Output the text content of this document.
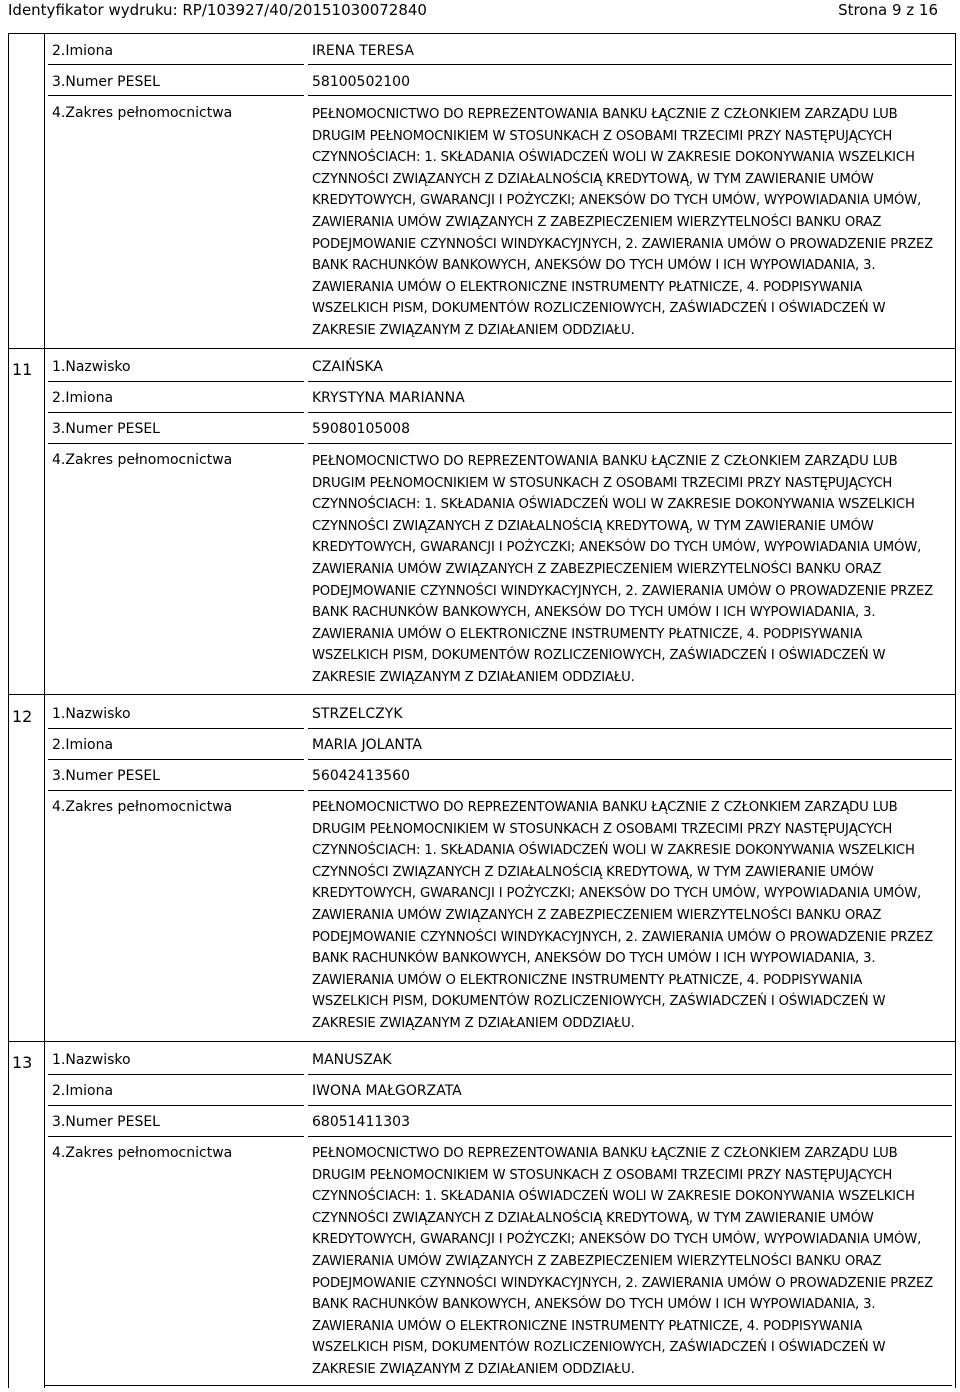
Identyfikator wydruku: RP/103927/40/20151030072840	Strona 9 z 16
2.Imiona	IRENA TERESA
3.Numer PESEL	58100502100
4.Zakres pełnomocnictwa	PEŁNOMOCNICTWO DO REPREZENTOWANIA BANKU ŁĄCZNIE Z CZŁONKIEM ZARZĄDU LUB
DRUGIM PEŁNOMOCNIKIEM W STOSUNKACH Z OSOBAMI TRZECIMI PRZY NASTĘPUJĄCYCH
CZYNNOŚCIACH: 1. SKŁADANIA OŚWIADCZEŃ WOLI W ZAKRESIE DOKONYWANIA WSZELKICH
CZYNNOŚCI ZWIĄZANYCH Z DZIAŁALNOŚCIĄ KREDYTOWĄ, W TYM ZAWIERANIE UMÓW
KREDYTOWYCH, GWARANCJI I POŻYCZKI; ANEKSÓW DO TYCH UMÓW, WYPOWIADANIA UMÓW,
ZAWIERANIA UMÓW ZWIĄZANYCH Z ZABEZPIECZENIEM WIERZYTELNOŚCI BANKU ORAZ
PODEJMOWANIE CZYNNOŚCI WINDYKACYJNYCH, 2. ZAWIERANIA UMÓW O PROWADZENIE PRZEZ
BANK RACHUNKÓW BANKOWYCH, ANEKSÓW DO TYCH UMÓW I ICH WYPOWIADANIA, 3.
ZAWIERANIA UMÓW O ELEKTRONICZNE INSTRUMENTY PŁATNICZE, 4. PODPISYWANIA
WSZELKICH PISM, DOKUMENTÓW ROZLICZENIOWYCH, ZAŚWIADCZEŃ I OŚWIADCZEŃ W
ZAKRESIE ZWIĄZANYM Z DZIAŁANIEM ODDZIAŁU.
11 1.Nazwisko	CZAIŃSKA
2.Imiona	KRYSTYNA MARIANNA
3.Numer PESEL	59080105008
4.Zakres pełnomocnictwa	PEŁNOMOCNICTWO DO REPREZENTOWANIA BANKU ŁĄCZNIE Z CZŁONKIEM ZARZĄDU LUB
DRUGIM PEŁNOMOCNIKIEM W STOSUNKACH Z OSOBAMI TRZECIMI PRZY NASTĘPUJĄCYCH
CZYNNOŚCIACH: 1. SKŁADANIA OŚWIADCZEŃ WOLI W ZAKRESIE DOKONYWANIA WSZELKICH
CZYNNOŚCI ZWIĄZANYCH Z DZIAŁALNOŚCIĄ KREDYTOWĄ, W TYM ZAWIERANIE UMÓW
KREDYTOWYCH, GWARANCJI I POŻYCZKI; ANEKSÓW DO TYCH UMÓW, WYPOWIADANIA UMÓW,
ZAWIERANIA UMÓW ZWIĄZANYCH Z ZABEZPIECZENIEM WIERZYTELNOŚCI BANKU ORAZ
PODEJMOWANIE CZYNNOŚCI WINDYKACYJNYCH, 2. ZAWIERANIA UMÓW O PROWADZENIE PRZEZ
BANK RACHUNKÓW BANKOWYCH, ANEKSÓW DO TYCH UMÓW I ICH WYPOWIADANIA, 3.
ZAWIERANIA UMÓW O ELEKTRONICZNE INSTRUMENTY PŁATNICZE, 4. PODPISYWANIA
WSZELKICH PISM, DOKUMENTÓW ROZLICZENIOWYCH, ZAŚWIADCZEŃ I OŚWIADCZEŃ W
ZAKRESIE ZWIĄZANYM Z DZIAŁANIEM ODDZIAŁU.
12 1.Nazwisko	STRZELCZYK
2.Imiona	MARIA JOLANTA
3.Numer PESEL	56042413560
4.Zakres pełnomocnictwa	PEŁNOMOCNICTWO DO REPREZENTOWANIA BANKU ŁĄCZNIE Z CZŁONKIEM ZARZĄDU LUB
DRUGIM PEŁNOMOCNIKIEM W STOSUNKACH Z OSOBAMI TRZECIMI PRZY NASTĘPUJĄCYCH
CZYNNOŚCIACH: 1. SKŁADANIA OŚWIADCZEŃ WOLI W ZAKRESIE DOKONYWANIA WSZELKICH
CZYNNOŚCI ZWIĄZANYCH Z DZIAŁALNOŚCIĄ KREDYTOWĄ, W TYM ZAWIERANIE UMÓW
KREDYTOWYCH, GWARANCJI I POŻYCZKI; ANEKSÓW DO TYCH UMÓW, WYPOWIADANIA UMÓW,
ZAWIERANIA UMÓW ZWIĄZANYCH Z ZABEZPIECZENIEM WIERZYTELNOŚCI BANKU ORAZ
PODEJMOWANIE CZYNNOŚCI WINDYKACYJNYCH, 2. ZAWIERANIA UMÓW O PROWADZENIE PRZEZ
BANK RACHUNKÓW BANKOWYCH, ANEKSÓW DO TYCH UMÓW I ICH WYPOWIADANIA, 3.
ZAWIERANIA UMÓW O ELEKTRONICZNE INSTRUMENTY PŁATNICZE, 4. PODPISYWANIA
WSZELKICH PISM, DOKUMENTÓW ROZLICZENIOWYCH, ZAŚWIADCZEŃ I OŚWIADCZEŃ W
ZAKRESIE ZWIĄZANYM Z DZIAŁANIEM ODDZIAŁU.
13 1.Nazwisko	MANUSZAK
2.Imiona	IWONA MAŁGORZATA
3.Numer PESEL	68051411303
4.Zakres pełnomocnictwa	PEŁNOMOCNICTWO DO REPREZENTOWANIA BANKU ŁĄCZNIE Z CZŁONKIEM ZARZĄDU LUB
DRUGIM PEŁNOMOCNIKIEM W STOSUNKACH Z OSOBAMI TRZECIMI PRZY NASTĘPUJĄCYCH
CZYNNOŚCIACH: 1. SKŁADANIA OŚWIADCZEŃ WOLI W ZAKRESIE DOKONYWANIA WSZELKICH
CZYNNOŚCI ZWIĄZANYCH Z DZIAŁALNOŚCIĄ KREDYTOWĄ, W TYM ZAWIERANIE UMÓW
KREDYTOWYCH, GWARANCJI I POŻYCZKI; ANEKSÓW DO TYCH UMÓW, WYPOWIADANIA UMÓW,
ZAWIERANIA UMÓW ZWIĄZANYCH Z ZABEZPIECZENIEM WIERZYTELNOŚCI BANKU ORAZ
PODEJMOWANIE CZYNNOŚCI WINDYKACYJNYCH, 2. ZAWIERANIA UMÓW O PROWADZENIE PRZEZ
BANK RACHUNKÓW BANKOWYCH, ANEKSÓW DO TYCH UMÓW I ICH WYPOWIADANIA, 3.
ZAWIERANIA UMÓW O ELEKTRONICZNE INSTRUMENTY PŁATNICZE, 4. PODPISYWANIA
WSZELKICH PISM, DOKUMENTÓW ROZLICZENIOWYCH, ZAŚWIADCZEŃ I OŚWIADCZEŃ W
ZAKRESIE ZWIĄZANYM Z DZIAŁANIEM ODDZIAŁU.
